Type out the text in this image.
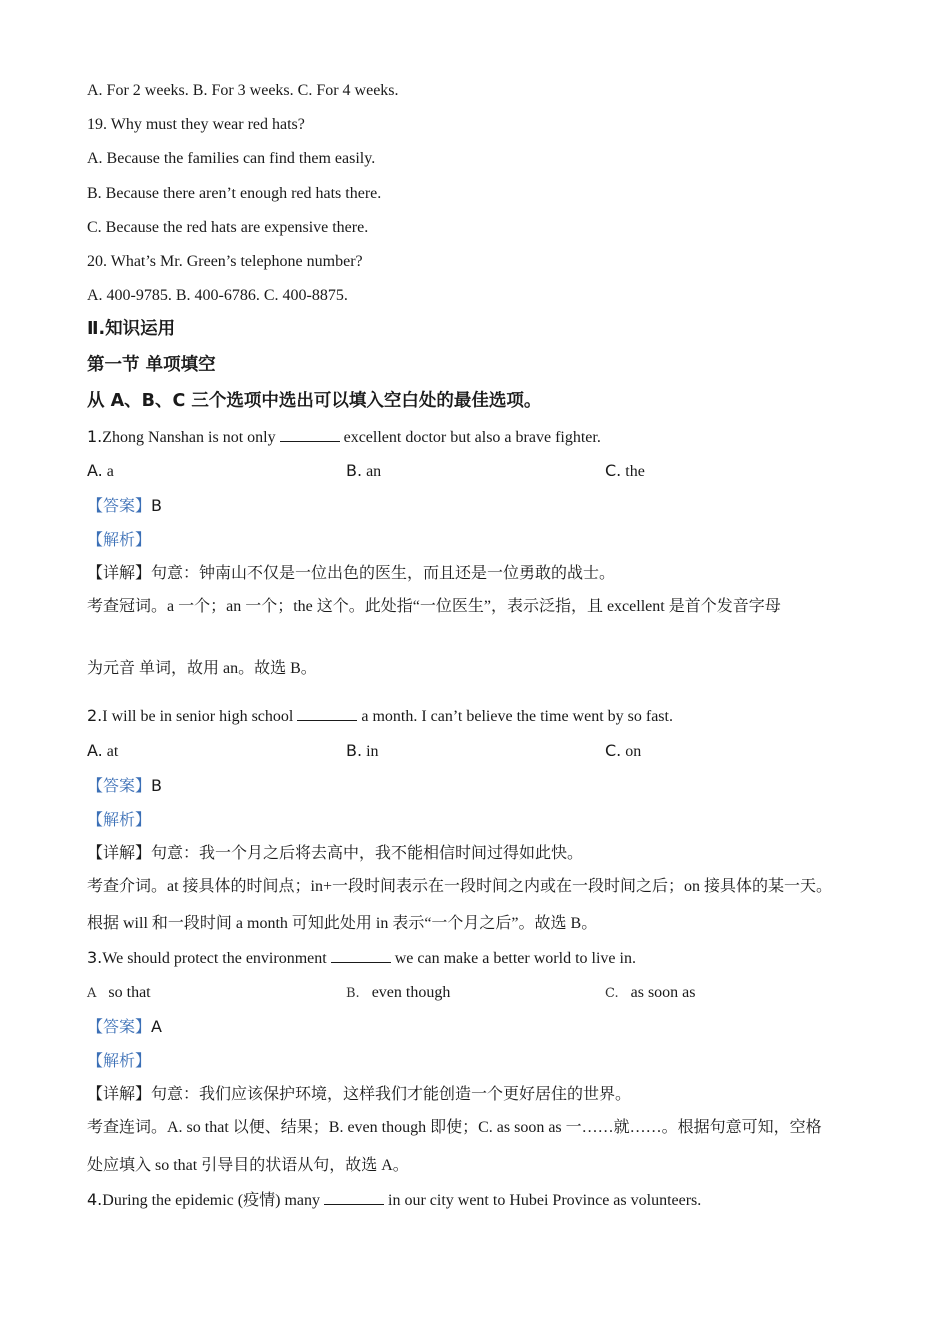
A. For 2 weeks. B. For 3 weeks. C. For 4 weeks.
19. Why must they wear red hats?
A. Because the families can find them easily.
B. Because there aren’t enough red hats there.
C. Because the red hats are expensive there.
20. What’s Mr. Green’s telephone number?
A. 400-9785. B. 400-6786. C. 400-8875.
Ⅱ.知识运用
第一节 单项填空
从 A、B、C 三个选项中选出可以填入空白处的最佳选项。
1.Zhong Nanshan is not only	excellent doctor but also a brave fighter.
A. a	B. an	C. the
【答案】B
【解析】
【详解】句意：钟南山不仅是一位出色的医生，而且还是一位勇敢的战士。
考查冠词。a 一个；an 一个；the 这个。此处指“一位医生”，表示泛指，且 excellent 是首个发音字母
为元音 单词，故用 an。故选 B。
2.I will be in senior high school	a month. I can’t believe the time went by so fast.
A. at	B. in	C. on
【答案】B
【解析】
【详解】句意：我一个月之后将去高中，我不能相信时间过得如此快。
考查介词。at 接具体的时间点；in+一段时间表示在一段时间之内或在一段时间之后；on 接具体的某一天。
根据 will 和一段时间 a month 可知此处用 in 表示“一个月之后”。故选 B。
3.We should protect the environment	we can make a better world to live in.
A so that	B. even though	C. as soon as
【答案】A
【解析】
【详解】句意：我们应该保护环境，这样我们才能创造一个更好居住的世界。
考查连词。A. so that 以便、结果；B. even though 即使；C. as soon as 一……就……。根据句意可知，空格
处应填入 so that 引导目的状语从句，故选 A。
4.During the epidemic (疫情) many	in our city went to Hubei Province as volunteers.
